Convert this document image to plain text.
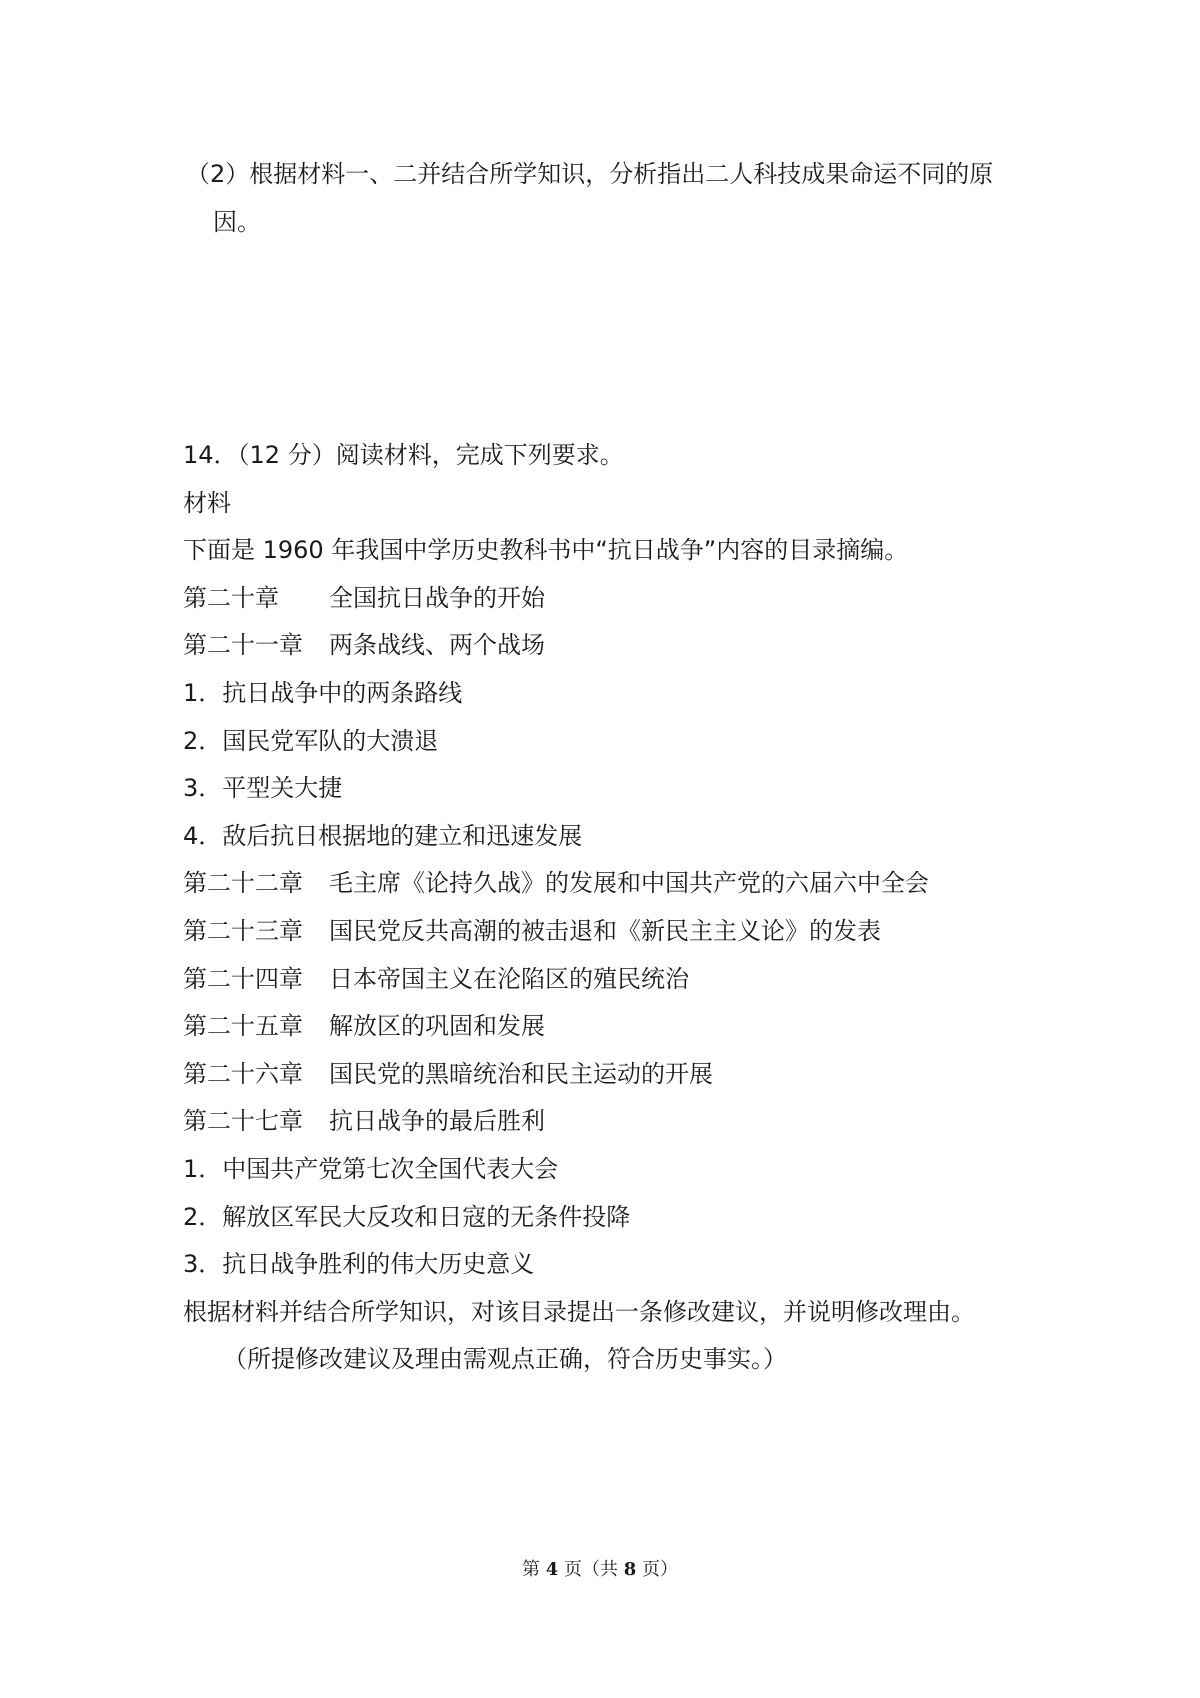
（2）根据材料一、二并结合所学知识，分析指出二人科技成果命运不同的原
因。
14．（12 分）阅读材料，完成下列要求。
材料
下面是 1960 年我国中学历史教科书中“抗日战争”内容的目录摘编。
第二十章 全国抗日战争的开始
第二十一章 两条战线、两个战场
1．抗日战争中的两条路线
2．国民党军队的大溃退
3．平型关大捷
4．敌后抗日根据地的建立和迅速发展
第二十二章 毛主席《论持久战》的发展和中国共产党的六届六中全会
第二十三章 国民党反共高潮的被击退和《新民主主义论》的发表
第二十四章 日本帝国主义在沦陷区的殖民统治
第二十五章 解放区的巩固和发展
第二十六章 国民党的黑暗统治和民主运动的开展
第二十七章 抗日战争的最后胜利
1．中国共产党第七次全国代表大会
2．解放区军民大反攻和日寇的无条件投降
3．抗日战争胜利的伟大历史意义
根据材料并结合所学知识，对该目录提出一条修改建议，并说明修改理由。
（所提修改建议及理由需观点正确，符合历史事实。）
第 4 页（共 8 页）
